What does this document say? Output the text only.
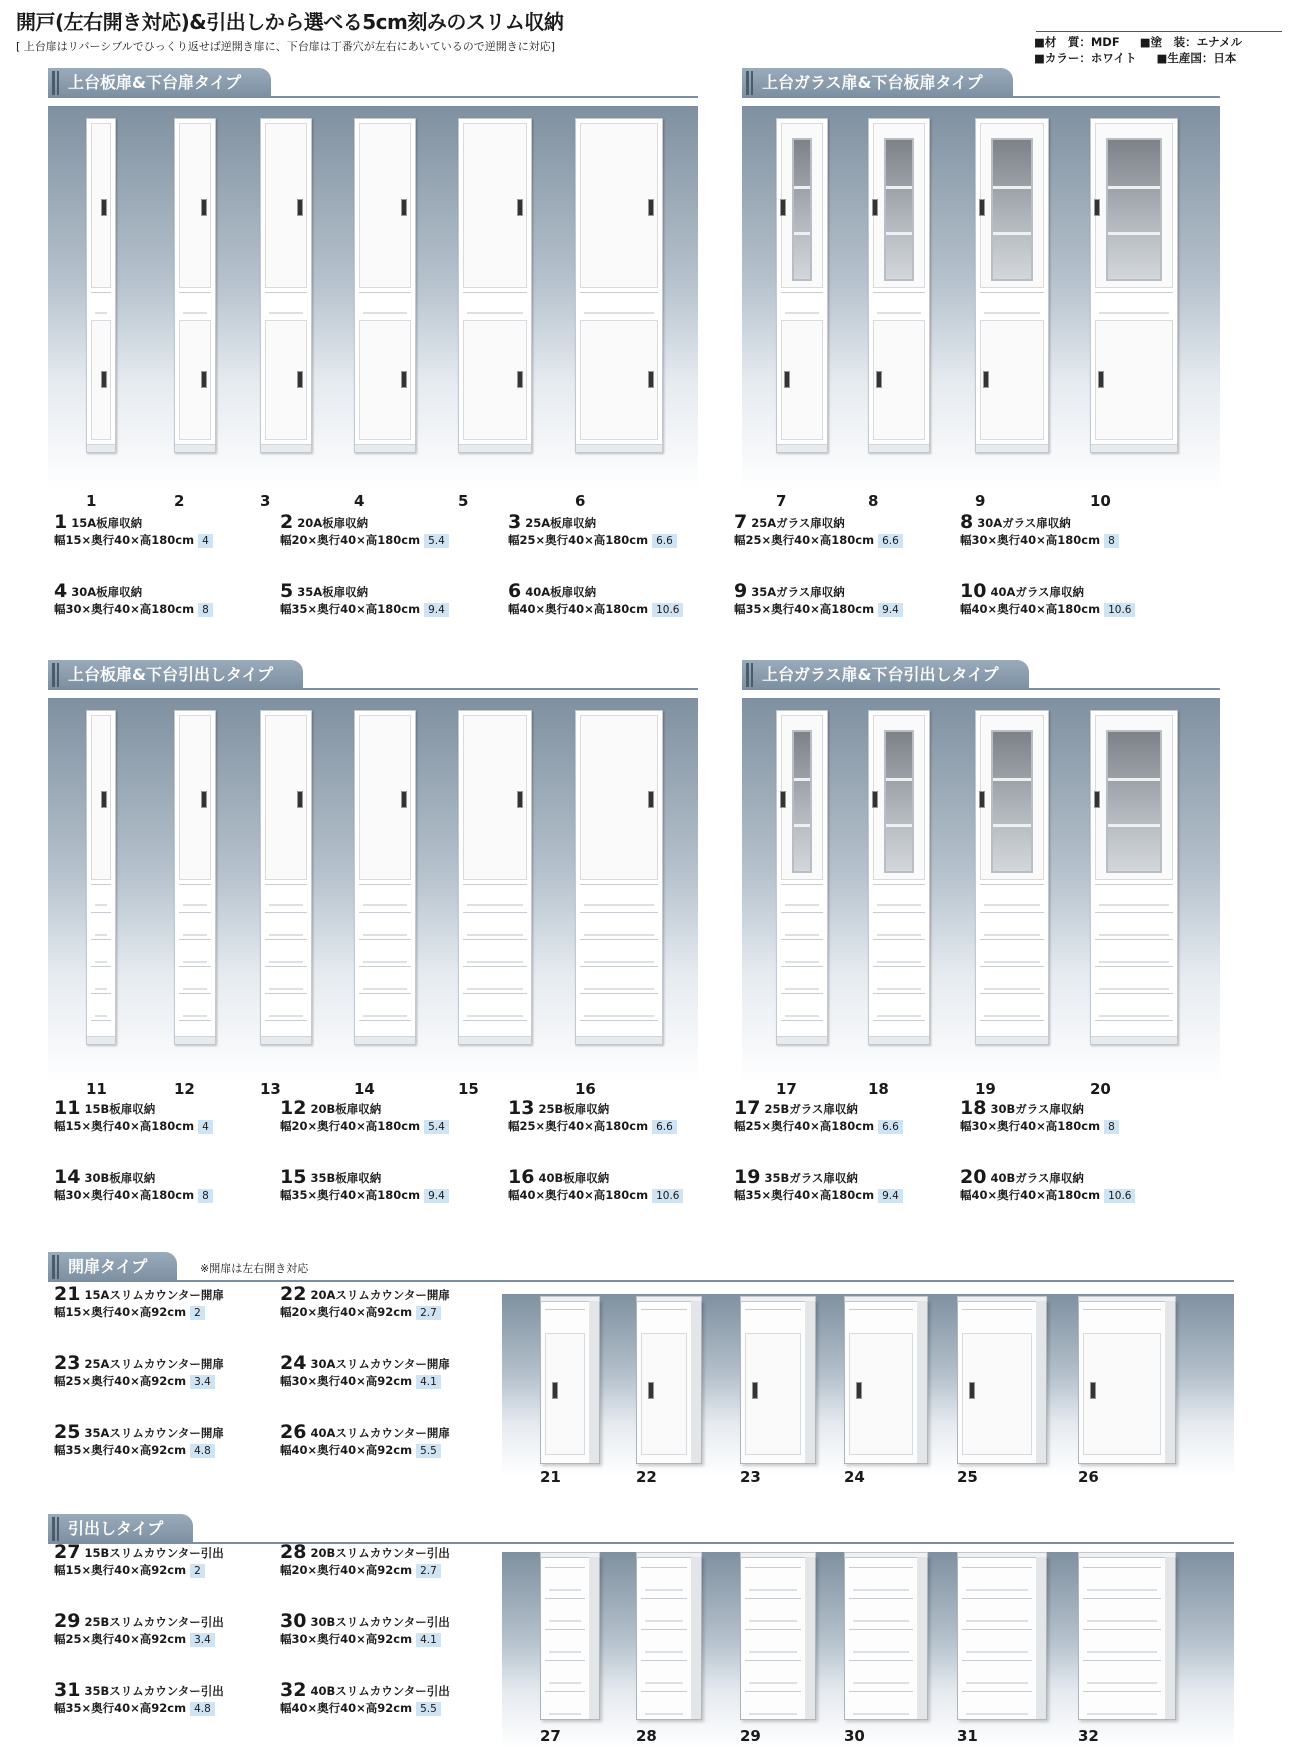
開戸(左右開き対応)&引出しから選べる5cm刻みのスリム収納
[ 上台扉はリバーシブルでひっくり返せば逆開き扉に、下台扉は丁番穴が左右にあいているので逆開きに対応]	■材　質：MDF ■塗　装：エナメル
■カラー：ホワイト ■生産国：日本
上台板扉&下台扉タイプ	上台ガラス扉&下台板扉タイプ
上台板扉&下台引出しタイプ	上台ガラス扉&下台引出しタイプ
開扉タイプ	※開扉は左右開き対応
引出しタイプ
1	2	3	4	5	6	7	8	9	10
11	12	13	14	15	16	17	18	19	20
21	22	23	24	25	26
27	28	29	30	31	32
1 15A板扉収納
幅15×奥行40×高180cm 4
2 20A板扉収納
幅20×奥行40×高180cm 5.4
3 25A板扉収納
幅25×奥行40×高180cm 6.6
4 30A板扉収納
幅30×奥行40×高180cm 8
5 35A板扉収納
幅35×奥行40×高180cm 9.4
6 40A板扉収納
幅40×奥行40×高180cm 10.6
7 25Aガラス扉収納
幅25×奥行40×高180cm 6.6
8 30Aガラス扉収納
幅30×奥行40×高180cm 8
9 35Aガラス扉収納
幅35×奥行40×高180cm 9.4
10 40Aガラス扉収納
幅40×奥行40×高180cm 10.6
11 15B板扉収納
幅15×奥行40×高180cm 4
12 20B板扉収納
幅20×奥行40×高180cm 5.4
13 25B板扉収納
幅25×奥行40×高180cm 6.6
14 30B板扉収納
幅30×奥行40×高180cm 8
15 35B板扉収納
幅35×奥行40×高180cm 9.4
16 40B板扉収納
幅40×奥行40×高180cm 10.6
17 25Bガラス扉収納
幅25×奥行40×高180cm 6.6
18 30Bガラス扉収納
幅30×奥行40×高180cm 8
19 35Bガラス扉収納
幅35×奥行40×高180cm 9.4
20 40Bガラス扉収納
幅40×奥行40×高180cm 10.6
21 15Aスリムカウンター開扉
幅15×奥行40×高92cm 2
22 20Aスリムカウンター開扉
幅20×奥行40×高92cm 2.7
23 25Aスリムカウンター開扉
幅25×奥行40×高92cm 3.4
24 30Aスリムカウンター開扉
幅30×奥行40×高92cm 4.1
25 35Aスリムカウンター開扉
幅35×奥行40×高92cm 4.8
26 40Aスリムカウンター開扉
幅40×奥行40×高92cm 5.5
27 15Bスリムカウンター引出
幅15×奥行40×高92cm 2
28 20Bスリムカウンター引出
幅20×奥行40×高92cm 2.7
29 25Bスリムカウンター引出
幅25×奥行40×高92cm 3.4
30 30Bスリムカウンター引出
幅30×奥行40×高92cm 4.1
31 35Bスリムカウンター引出
幅35×奥行40×高92cm 4.8
32 40Bスリムカウンター引出
幅40×奥行40×高92cm 5.5
